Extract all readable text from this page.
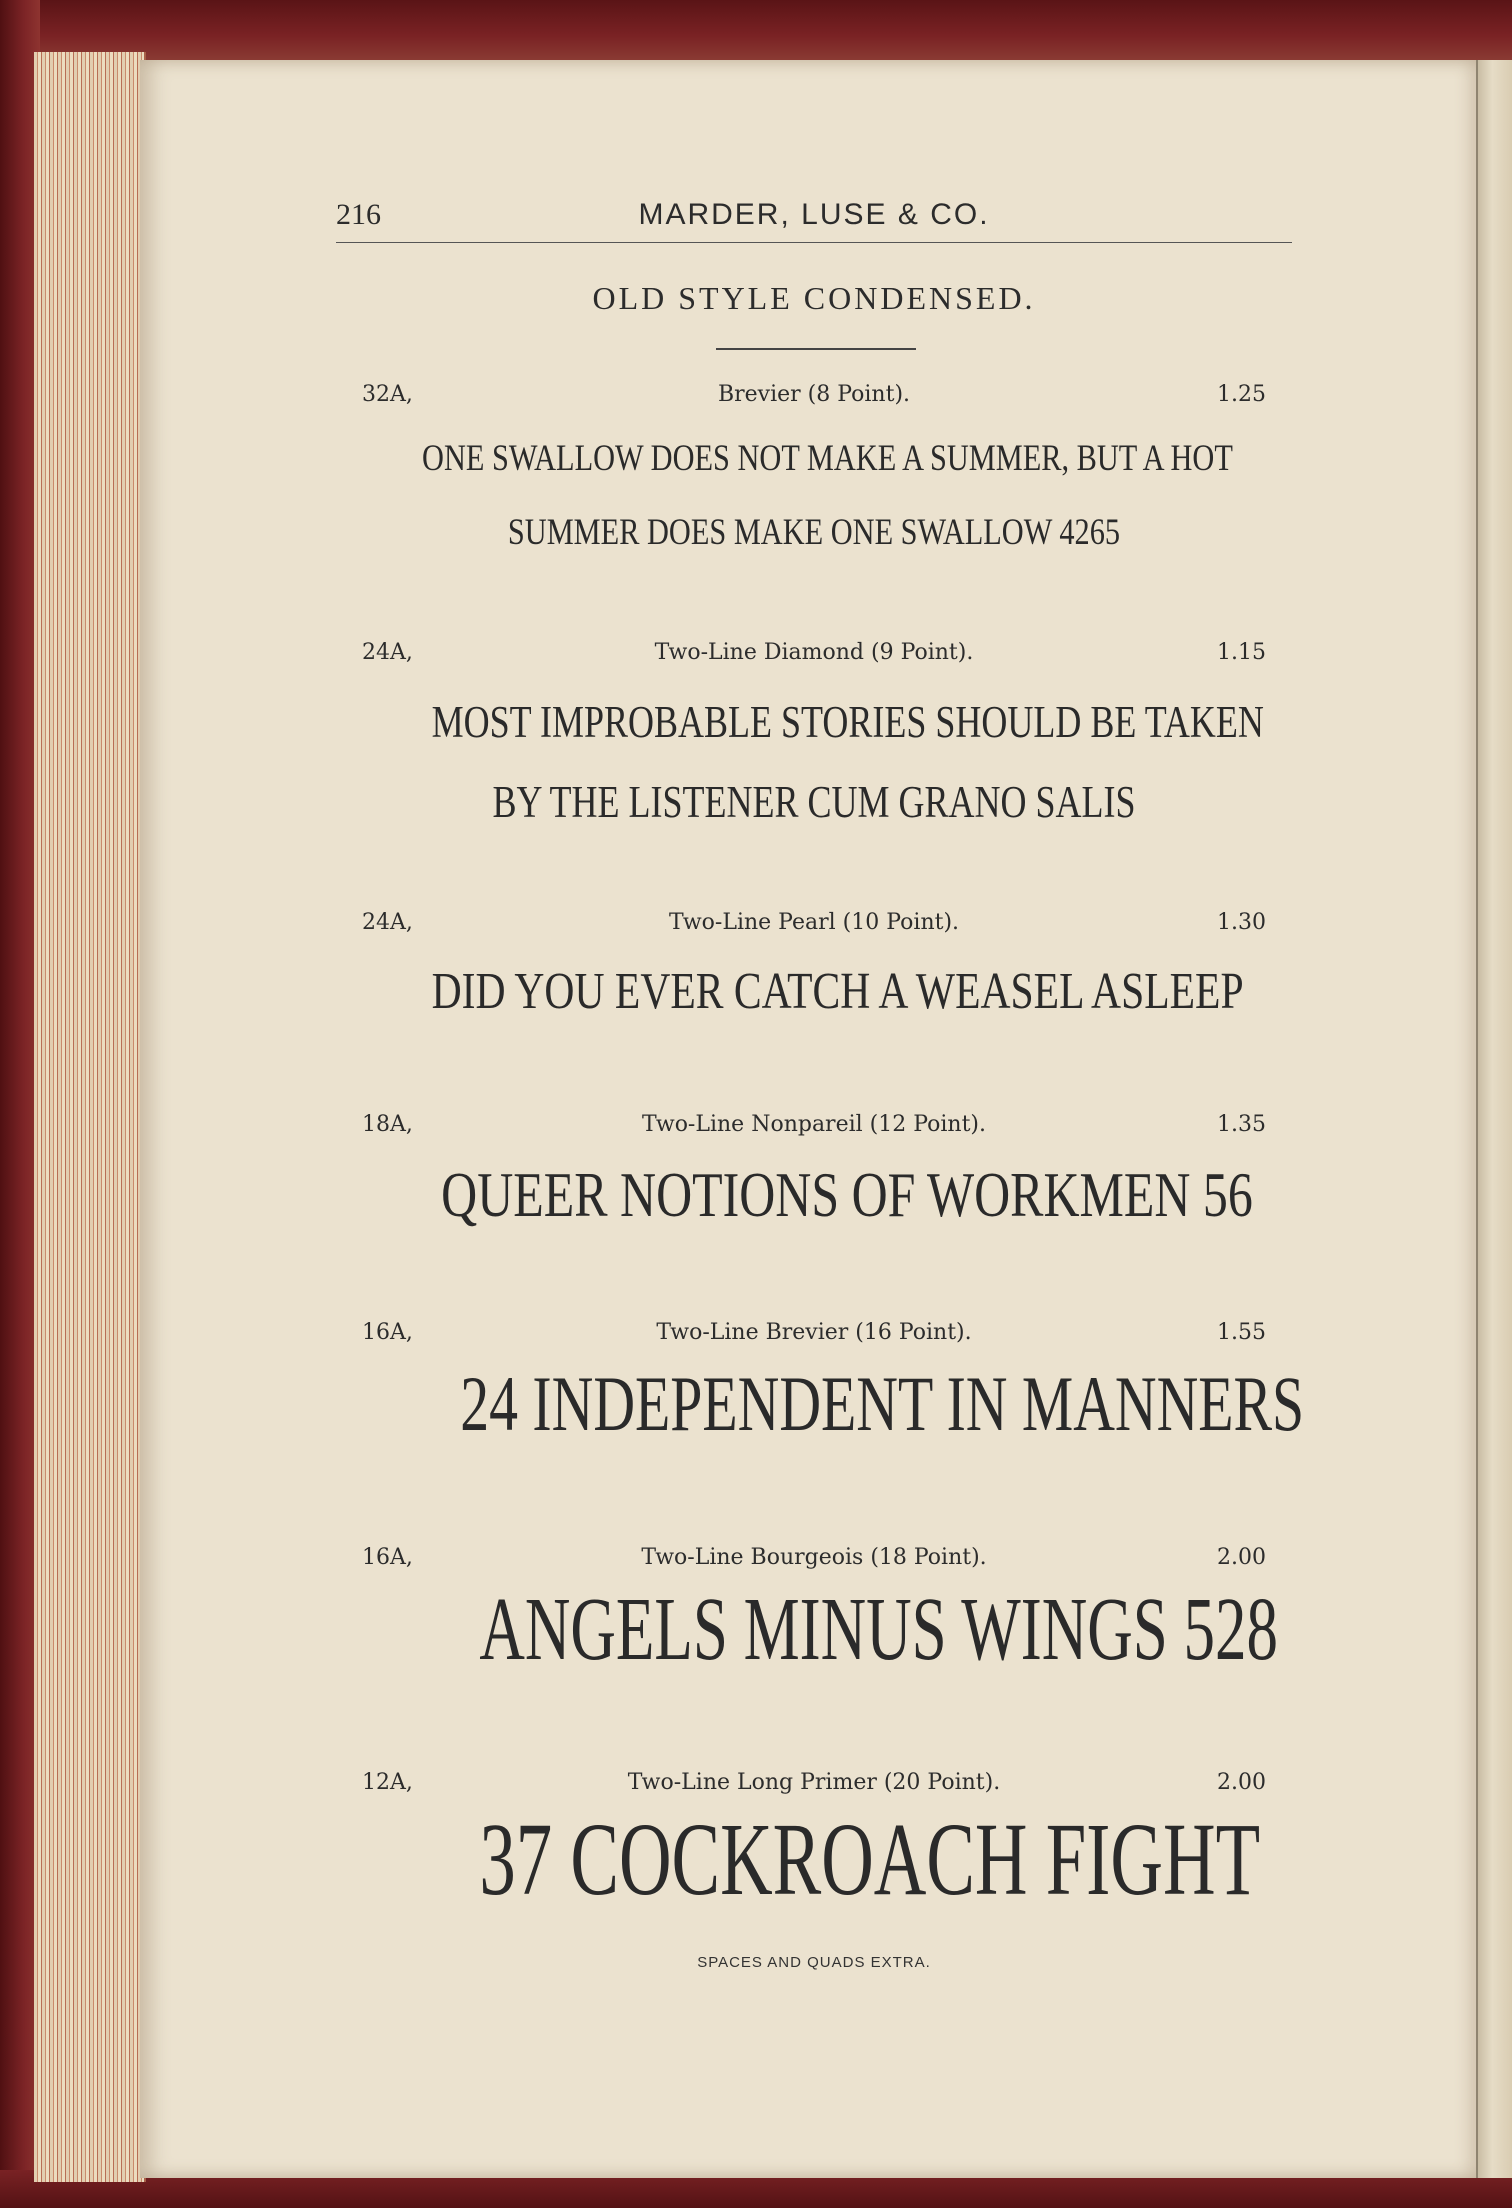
216	MARDER, LUSE & CO.
OLD STYLE CONDENSED.
32A,	Brevier (8 Point).	1.25
ONE SWALLOW DOES NOT MAKE A SUMMER, BUT A HOT
SUMMER DOES MAKE ONE SWALLOW 4265
24A,	Two-Line Diamond (9 Point).	1.15
MOST IMPROBABLE STORIES SHOULD BE TAKEN
BY THE LISTENER CUM GRANO SALIS
24A,	Two-Line Pearl (10 Point).	1.30
DID YOU EVER CATCH A WEASEL ASLEEP
18A,	Two-Line Nonpareil (12 Point).	1.35
QUEER NOTIONS OF WORKMEN 56
16A,	Two-Line Brevier (16 Point).	1.55
24 INDEPENDENT IN MANNERS
16A,	Two-Line Bourgeois (18 Point).	2.00
ANGELS MINUS WINGS 528
12A,	Two-Line Long Primer (20 Point).	2.00
37 COCKROACH FIGHT
SPACES AND QUADS EXTRA.
